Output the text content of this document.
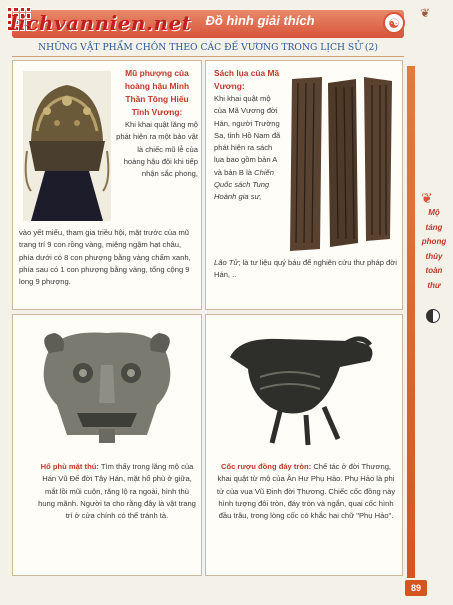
lichvannien.net	Đồ hình giải thích	☯
❦
NHỮNG VẬT PHẨM CHÔN THEO CÁC ĐẾ VƯƠNG TRONG LỊCH SỬ (2)
❦
Mộ
táng
phong
thủy
toàn
thư
Mũ phượng của hoàng hậu Minh Thần Tông Hiếu Tĩnh Vương:
Khi khai quật lăng mộ phát hiện ra một bảo vật là chiếc mũ lễ của hoàng hậu đội khi tiếp nhận sắc phong,
vào yết miếu, tham gia triều hội, mặt trước của mũ trang trí 9 con rồng vàng, miệng ngậm hạt châu, phía dưới có 8 con phượng bằng vàng chấm xanh, phía sau có 1 con phượng bằng vàng, tổng cộng 9 long 9 phượng.
Sách lụa của Mã Vương:
Khi khai quật mộ của Mã Vương đời Hán, người Trường Sa, tỉnh Hồ Nam đã phát hiện ra sách lụa bao gồm bản A và bản B là Chiến Quốc sách Tung Hoành gia sư,
Lão Tử; là tư liệu quý báu để nghiên cứu thư pháp đời Hán, ..
Hổ phù mặt thú: Tìm thấy trong lăng mộ của Hán Vũ Đế đời Tây Hán, mặt hổ phù ở giữa, mắt lồi mũi cuộn, răng lộ ra ngoài, hình thù hung mãnh. Người ta cho rằng đây là vật trang trí ở cửa chính có thể tránh tà.
Cốc rượu đồng đáy tròn: Chế tác ở đời Thương, khai quật từ mộ của Ân Hư Phụ Hảo. Phụ Hảo là phi tử của vua Vũ Đinh đời Thương. Chiếc cốc đồng này hình tượng đôi tròn, đáy tròn và ngắn, quai cốc hình đầu trâu, trong lòng cốc có khắc hai chữ "Phụ Hảo".
89
